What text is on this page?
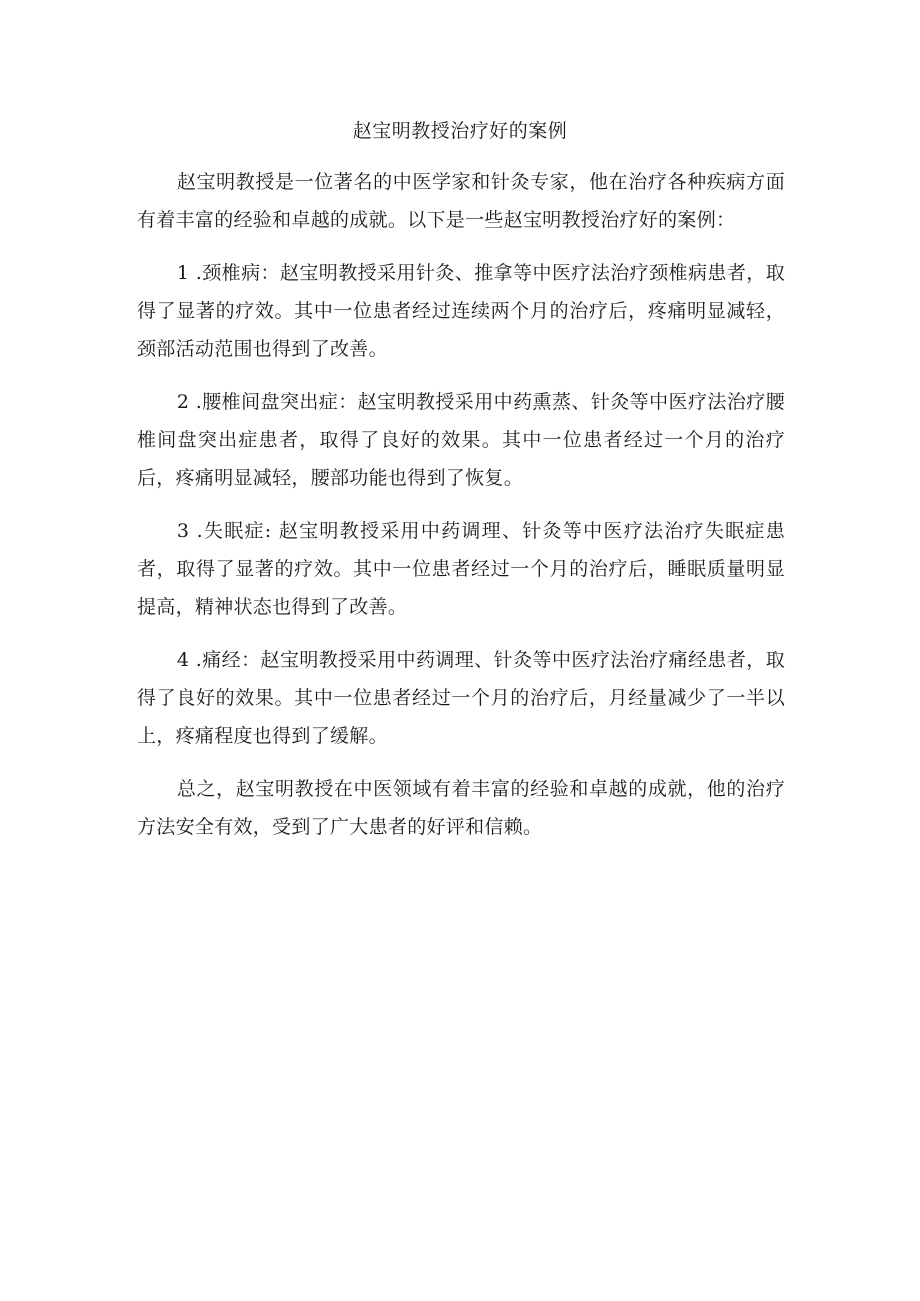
赵宝明教授治疗好的案例

赵宝明教授是一位著名的中医学家和针灸专家，他在治疗各种疾病方面有着丰富的经验和卓越的成就。以下是一些赵宝明教授治疗好的案例：

1 .颈椎病：赵宝明教授采用针灸、推拿等中医疗法治疗颈椎病患者，取得了显著的疗效。其中一位患者经过连续两个月的治疗后，疼痛明显减轻，颈部活动范围也得到了改善。

2 .腰椎间盘突出症：赵宝明教授采用中药熏蒸、针灸等中医疗法治疗腰椎间盘突出症患者，取得了良好的效果。其中一位患者经过一个月的治疗后，疼痛明显减轻，腰部功能也得到了恢复。

3 .失眠症: 赵宝明教授采用中药调理、针灸等中医疗法治疗失眠症患者，取得了显著的疗效。其中一位患者经过一个月的治疗后，睡眠质量明显提高，精神状态也得到了改善。

4 .痛经：赵宝明教授采用中药调理、针灸等中医疗法治疗痛经患者，取得了良好的效果。其中一位患者经过一个月的治疗后，月经量减少了一半以上，疼痛程度也得到了缓解。

总之，赵宝明教授在中医领域有着丰富的经验和卓越的成就，他的治疗方法安全有效，受到了广大患者的好评和信赖。
